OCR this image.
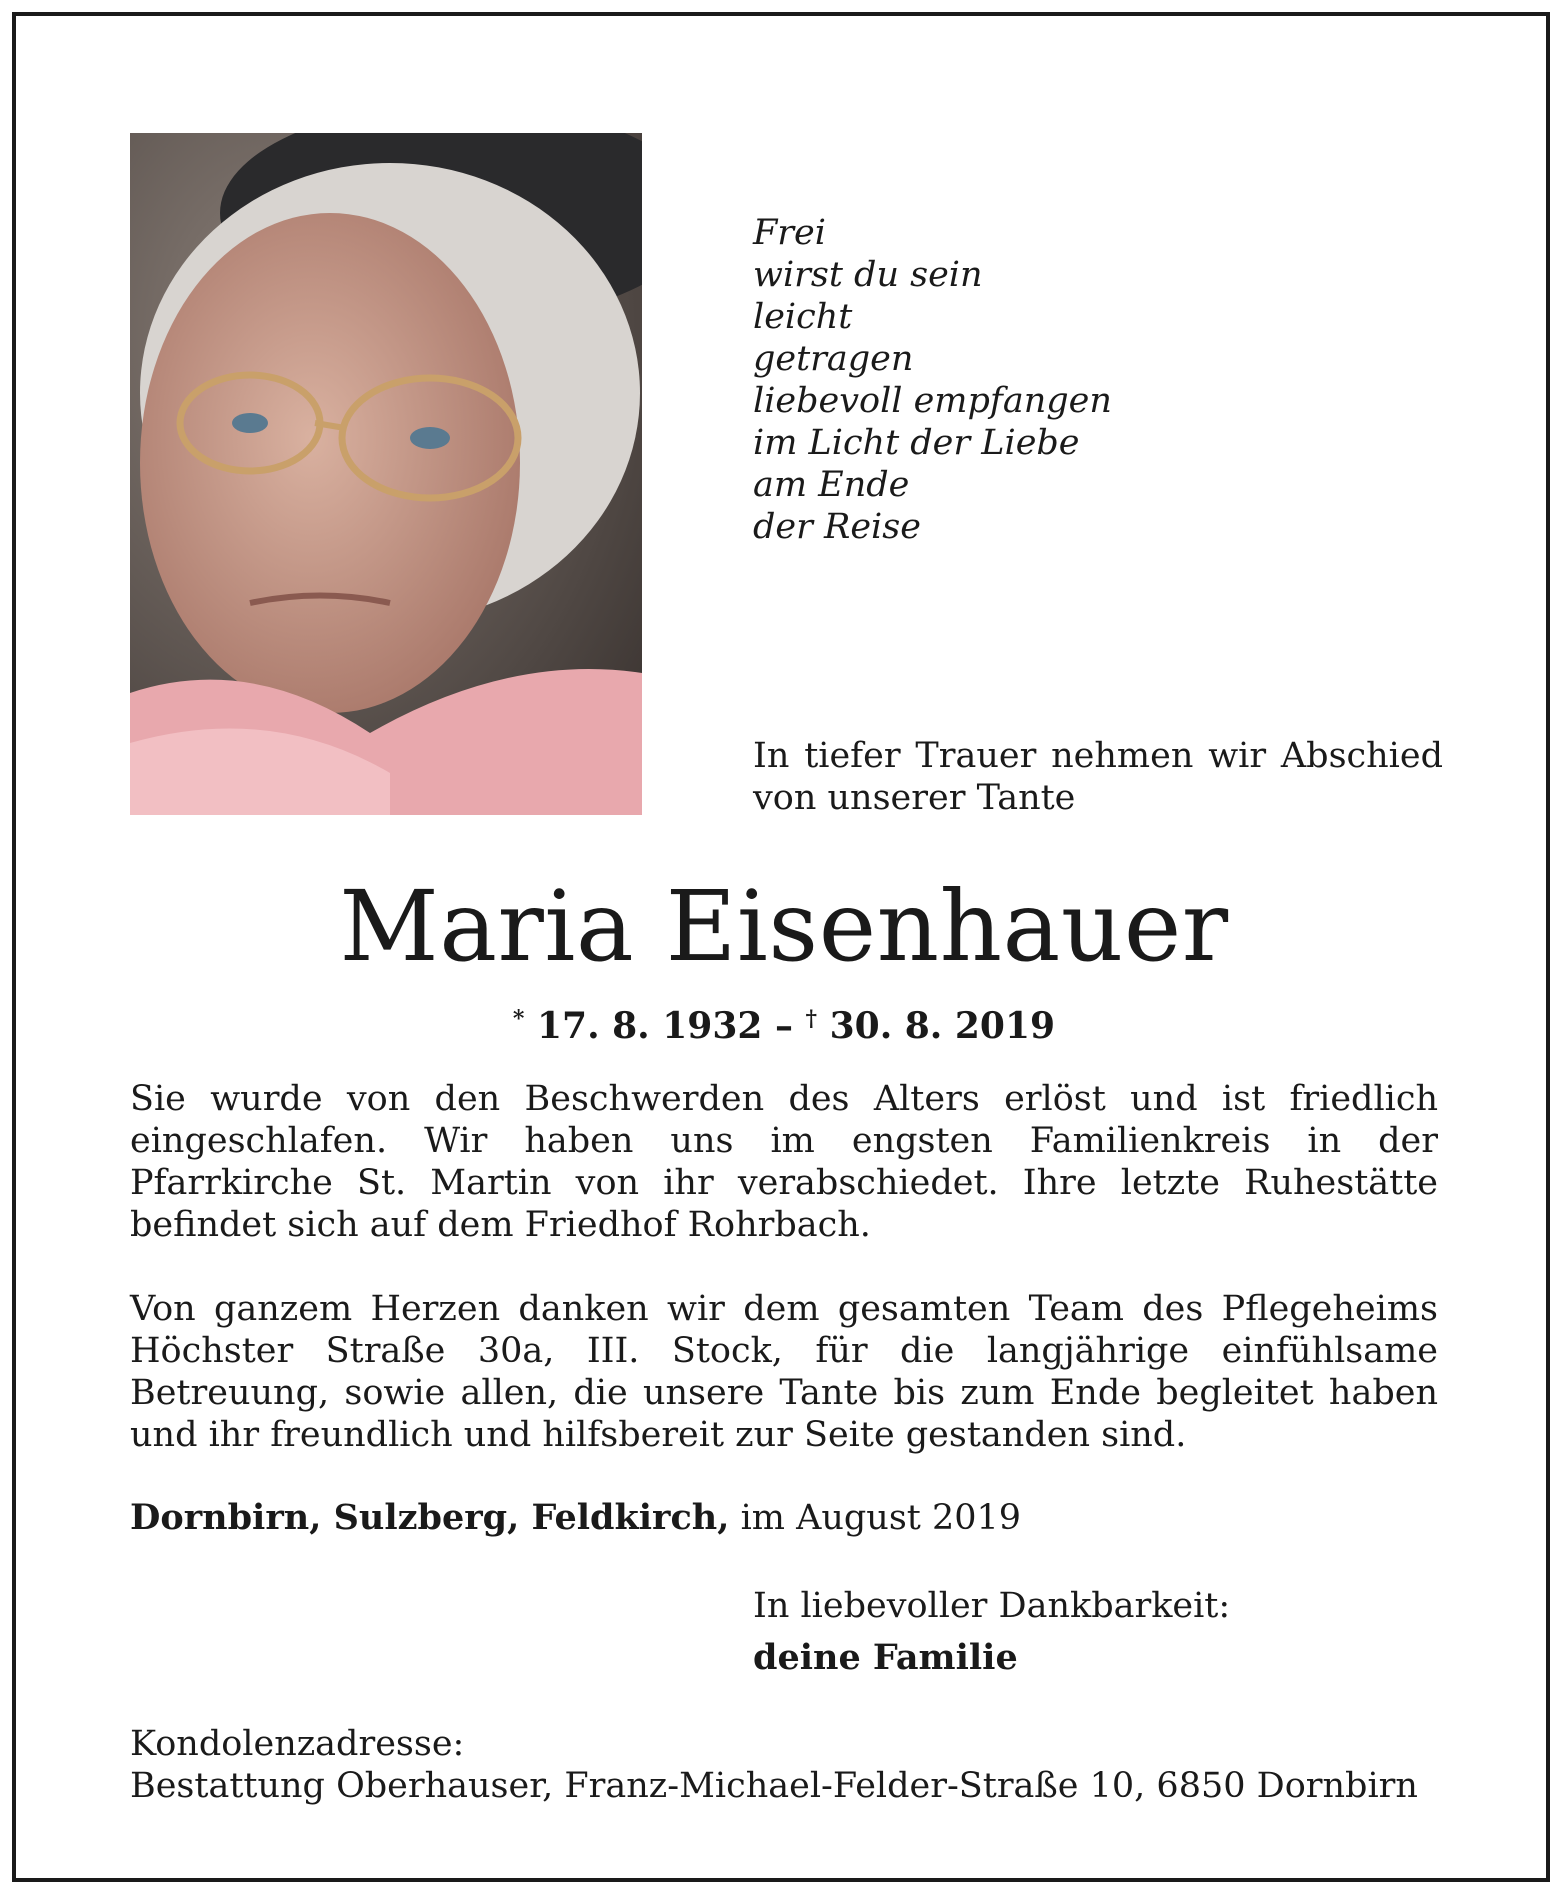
Frei
wirst du sein
leicht
getragen
liebevoll empfangen
im Licht der Liebe
am Ende
der Reise
In tiefer Trauer nehmen wir Abschied
von unserer Tante
Maria Eisenhauer
* 17. 8. 1932 – † 30. 8. 2019
Sie wurde von den Beschwerden des Alters erlöst und ist friedlich eingeschlafen. Wir haben uns im engsten Familienkreis in der Pfarrkirche St. Martin von ihr verabschiedet. Ihre letzte Ruhestätte befindet sich auf dem Friedhof Rohrbach.
Von ganzem Herzen danken wir dem gesamten Team des Pflegeheims Höchster Straße 30a, III. Stock, für die langjährige einfühlsame Betreuung, sowie allen, die unsere Tante bis zum Ende begleitet haben und ihr freundlich und hilfsbereit zur Seite gestanden sind.
Dornbirn, Sulzberg, Feldkirch, im August 2019
In liebevoller Dankbarkeit:
deine Familie
Kondolenzadresse:
Bestattung Oberhauser, Franz-Michael-Felder-Straße 10, 6850 Dornbirn
